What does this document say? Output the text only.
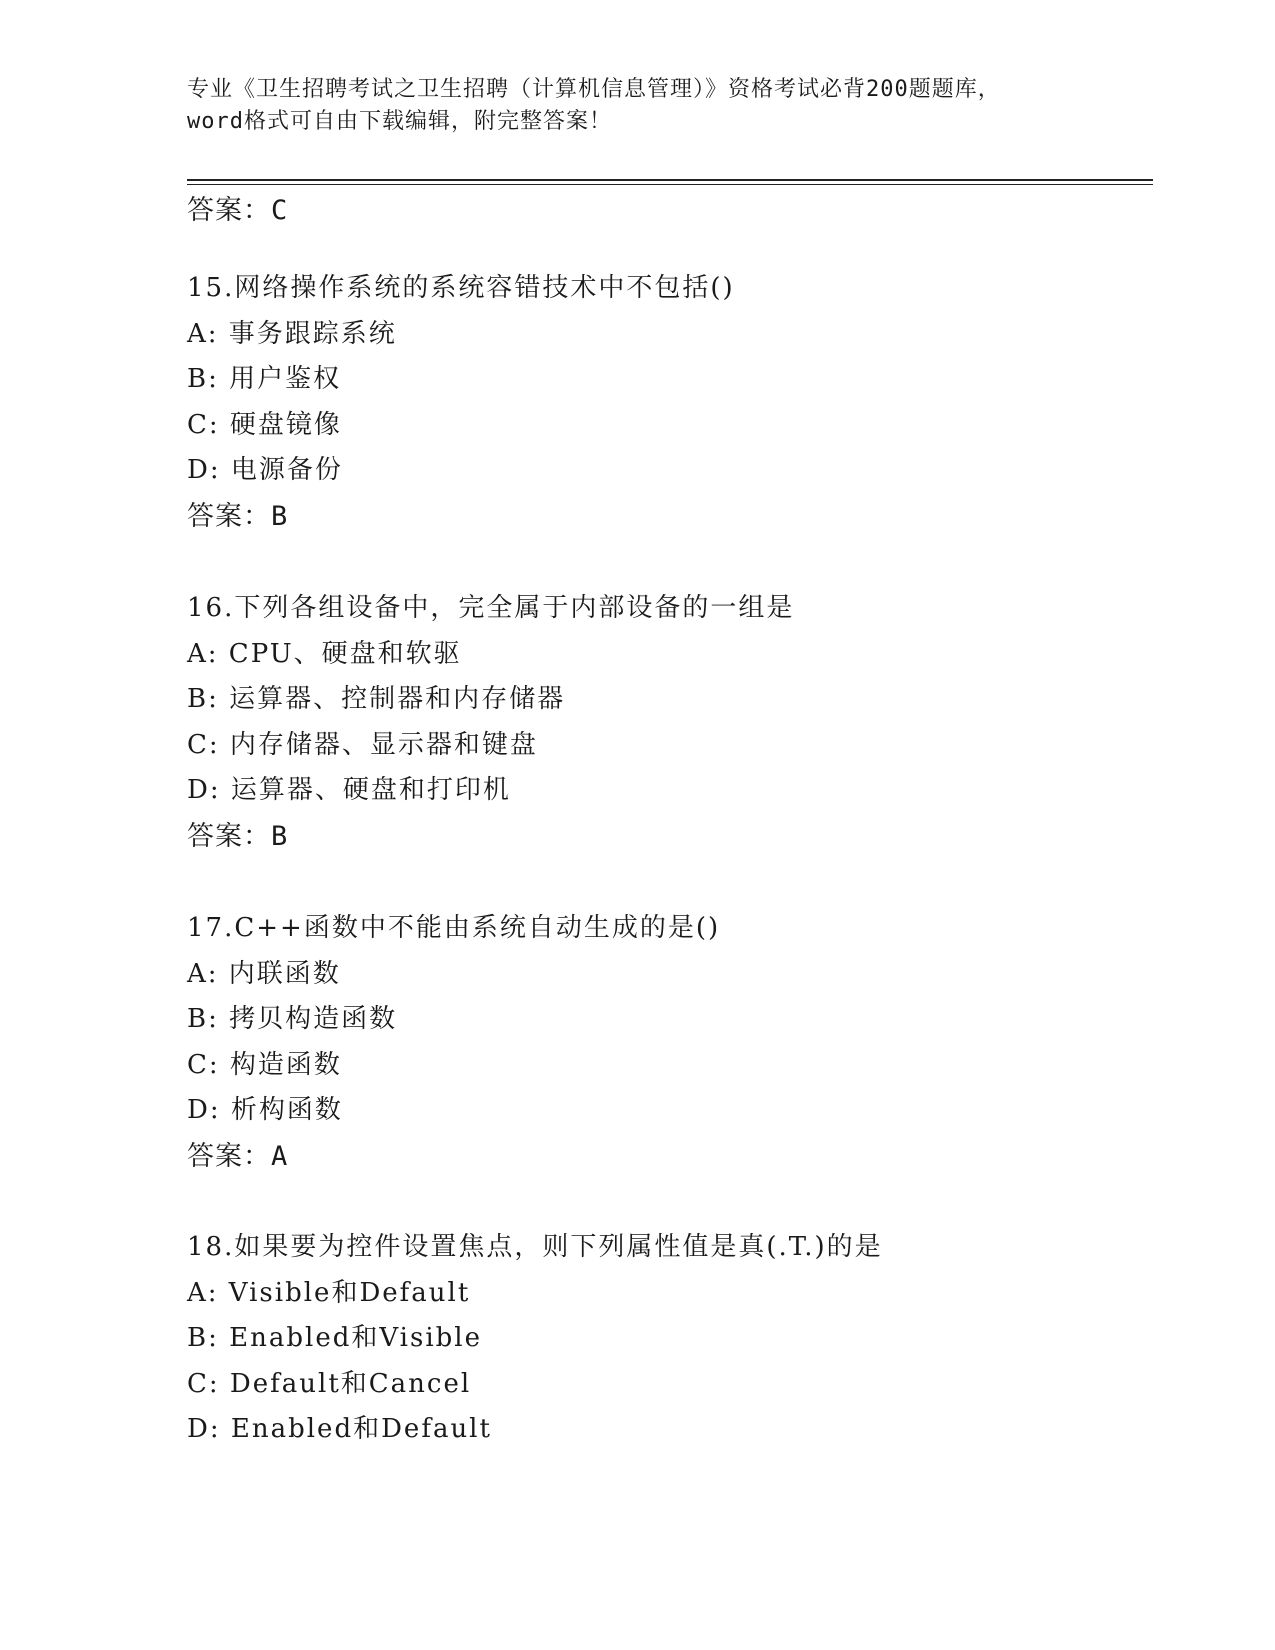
专业《卫生招聘考试之卫生招聘（计算机信息管理）》资格考试必背200题题库，
word格式可自由下载编辑，附完整答案！
答案：C
15.网络操作系统的系统容错技术中不包括()
A: 事务跟踪系统
B: 用户鉴权
C: 硬盘镜像
D: 电源备份
答案：B
16.下列各组设备中，完全属于内部设备的一组是
A: CPU、硬盘和软驱
B: 运算器、控制器和内存储器
C: 内存储器、显示器和键盘
D: 运算器、硬盘和打印机
答案：B
17.C++函数中不能由系统自动生成的是()
A: 内联函数
B: 拷贝构造函数
C: 构造函数
D: 析构函数
答案：A
18.如果要为控件设置焦点，则下列属性值是真(.T.)的是
A: Visible和Default
B: Enabled和Visible
C: Default和Cancel
D: Enabled和Default
